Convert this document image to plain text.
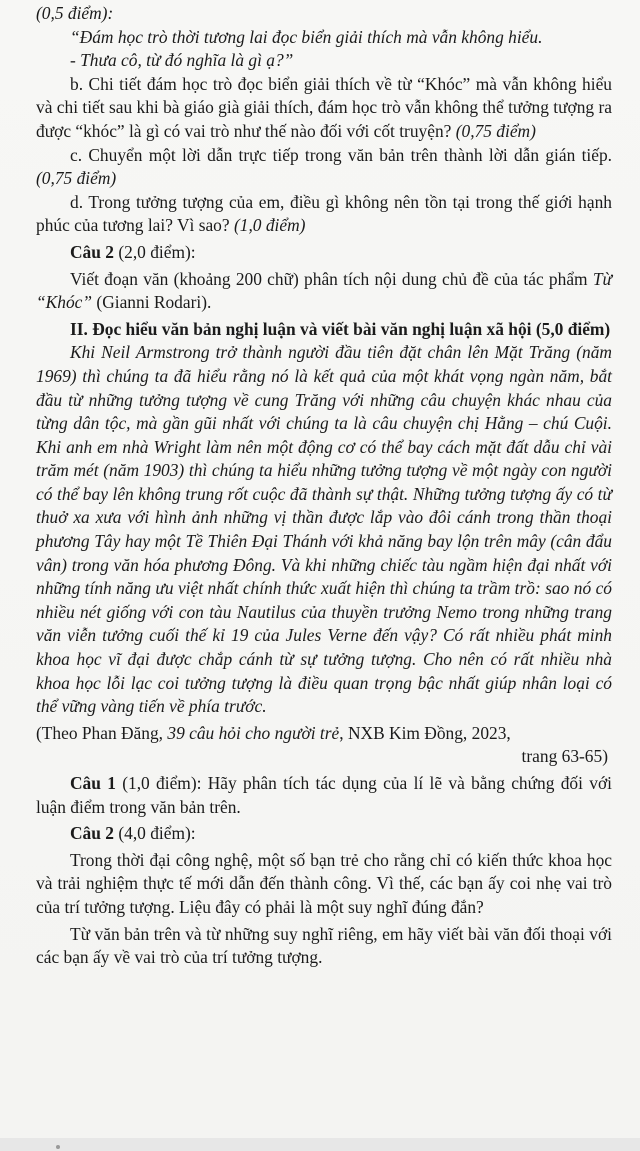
(0,5 điểm):

“Đám học trò thời tương lai đọc biển giải thích mà vẫn không hiểu.

- Thưa cô, từ đó nghĩa là gì ạ?”

b. Chi tiết đám học trò đọc biển giải thích về từ “Khóc” mà vẫn không hiểu và chi tiết sau khi bà giáo già giải thích, đám học trò vẫn không thể tưởng tượng ra được “khóc” là gì có vai trò như thế nào đối với cốt truyện? (0,75 điểm)

c. Chuyển một lời dẫn trực tiếp trong văn bản trên thành lời dẫn gián tiếp. (0,75 điểm)

d. Trong tưởng tượng của em, điều gì không nên tồn tại trong thế giới hạnh phúc của tương lai? Vì sao? (1,0 điểm)

Câu 2 (2,0 điểm):

Viết đoạn văn (khoảng 200 chữ) phân tích nội dung chủ đề của tác phẩm Từ “Khóc” (Gianni Rodari).

II. Đọc hiểu văn bản nghị luận và viết bài văn nghị luận xã hội (5,0 điểm)

Khi Neil Armstrong trở thành người đầu tiên đặt chân lên Mặt Trăng (năm 1969) thì chúng ta đã hiểu rằng nó là kết quả của một khát vọng ngàn năm, bắt đầu từ những tưởng tượng về cung Trăng với những câu chuyện khác nhau của từng dân tộc, mà gần gũi nhất với chúng ta là câu chuyện chị Hằng – chú Cuội. Khi anh em nhà Wright làm nên một động cơ có thể bay cách mặt đất dẫu chỉ vài trăm mét (năm 1903) thì chúng ta hiểu những tưởng tượng về một ngày con người có thể bay lên không trung rốt cuộc đã thành sự thật. Những tưởng tượng ấy có từ thuở xa xưa với hình ảnh những vị thần được lắp vào đôi cánh trong thần thoại phương Tây hay một Tề Thiên Đại Thánh với khả năng bay lộn trên mây (cân đẩu vân) trong văn hóa phương Đông. Và khi những chiếc tàu ngầm hiện đại nhất với những tính năng ưu việt nhất chính thức xuất hiện thì chúng ta trầm trồ: sao nó có nhiều nét giống với con tàu Nautilus của thuyền trưởng Nemo trong những trang văn viễn tưởng cuối thế kỉ 19 của Jules Verne đến vậy? Có rất nhiều phát minh khoa học vĩ đại được chắp cánh từ sự tưởng tượng. Cho nên có rất nhiều nhà khoa học lỗi lạc coi tưởng tượng là điều quan trọng bậc nhất giúp nhân loại có thể vững vàng tiến về phía trước.

(Theo Phan Đăng, 39 câu hỏi cho người trẻ, NXB Kim Đồng, 2023,

trang 63-65)

Câu 1 (1,0 điểm): Hãy phân tích tác dụng của lí lẽ và bằng chứng đối với luận điểm trong văn bản trên.

Câu 2 (4,0 điểm):

Trong thời đại công nghệ, một số bạn trẻ cho rằng chỉ có kiến thức khoa học và trải nghiệm thực tế mới dẫn đến thành công. Vì thế, các bạn ấy coi nhẹ vai trò của trí tưởng tượng. Liệu đây có phải là một suy nghĩ đúng đắn?

Từ văn bản trên và từ những suy nghĩ riêng, em hãy viết bài văn đối thoại với các bạn ấy về vai trò của trí tưởng tượng.
